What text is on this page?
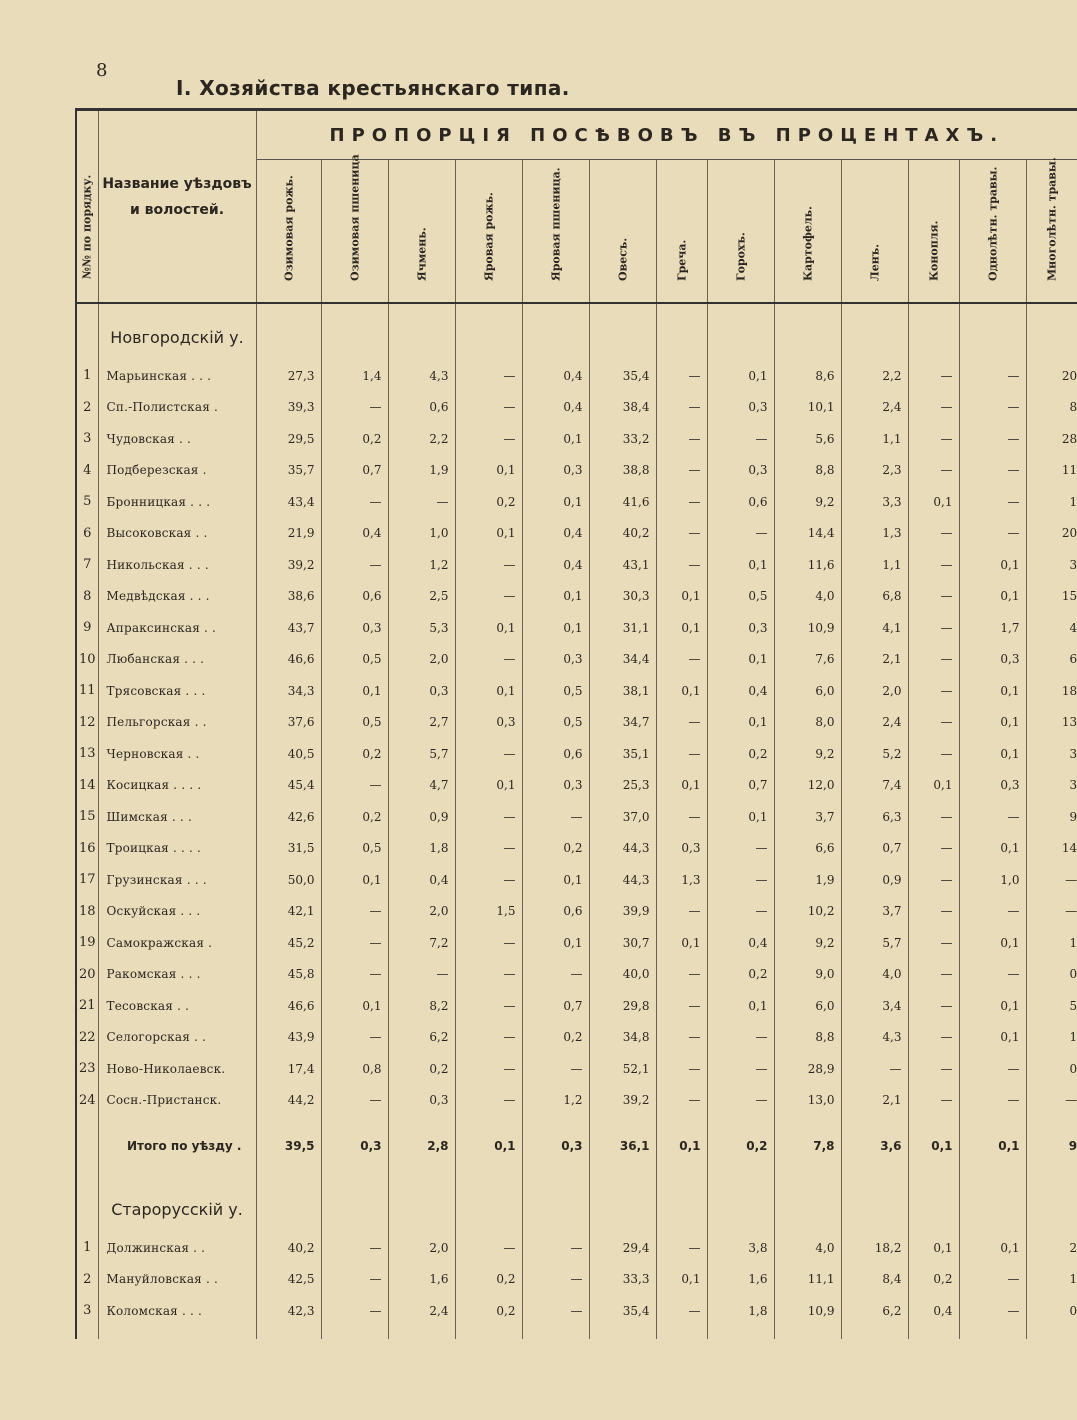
8
I. Хозяйства крестьянскаго типа.
№№ по порядку.	Название уѣздовъ
и волостей.	ПРОПОРЦІЯ ПОСѢВОВЪ ВЪ ПРОЦЕНТАХЪ.												

		Озимовая рожь.	Озимовая пшеница	Ячмень.	Яровая рожь.	Яровая пшеница.	Овесъ.	Греча.	Горохъ.	Картофель.	Ленъ.	Конопля.	Однолѣтн. травы.	Многолѣтн. травы.

	Новгородскій у.													
1	Марьинская . . .	27,3	1,4	4,3	—	0,4	35,4	—	0,1	8,6	2,2	—	—	20
2	Сп.-Полистская .	39,3	—	0,6	—	0,4	38,4	—	0,3	10,1	2,4	—	—	8
3	Чудовская . .	29,5	0,2	2,2	—	0,1	33,2	—	—	5,6	1,1	—	—	28
4	Подберезская .	35,7	0,7	1,9	0,1	0,3	38,8	—	0,3	8,8	2,3	—	—	11
5	Бронницкая . . .	43,4	—	—	0,2	0,1	41,6	—	0,6	9,2	3,3	0,1	—	1
6	Высоковская . .	21,9	0,4	1,0	0,1	0,4	40,2	—	—	14,4	1,3	—	—	20
7	Никольская . . .	39,2	—	1,2	—	0,4	43,1	—	0,1	11,6	1,1	—	0,1	3
8	Медвѣдская . . .	38,6	0,6	2,5	—	0,1	30,3	0,1	0,5	4,0	6,8	—	0,1	15
9	Апраксинская . .	43,7	0,3	5,3	0,1	0,1	31,1	0,1	0,3	10,9	4,1	—	1,7	4
10	Любанская . . .	46,6	0,5	2,0	—	0,3	34,4	—	0,1	7,6	2,1	—	0,3	6
11	Трясовская . . .	34,3	0,1	0,3	0,1	0,5	38,1	0,1	0,4	6,0	2,0	—	0,1	18
12	Пельгорская . .	37,6	0,5	2,7	0,3	0,5	34,7	—	0,1	8,0	2,4	—	0,1	13
13	Черновская . .	40,5	0,2	5,7	—	0,6	35,1	—	0,2	9,2	5,2	—	0,1	3
14	Косицкая . . . .	45,4	—	4,7	0,1	0,3	25,3	0,1	0,7	12,0	7,4	0,1	0,3	3
15	Шимская . . .	42,6	0,2	0,9	—	—	37,0	—	0,1	3,7	6,3	—	—	9
16	Троицкая . . . .	31,5	0,5	1,8	—	0,2	44,3	0,3	—	6,6	0,7	—	0,1	14
17	Грузинская . . .	50,0	0,1	0,4	—	0,1	44,3	1,3	—	1,9	0,9	—	1,0	—
18	Оскуйская . . .	42,1	—	2,0	1,5	0,6	39,9	—	—	10,2	3,7	—	—	—
19	Самокражская .	45,2	—	7,2	—	0,1	30,7	0,1	0,4	9,2	5,7	—	0,1	1
20	Ракомская . . .	45,8	—	—	—	—	40,0	—	0,2	9,0	4,0	—	—	0
21	Тесовская . .	46,6	0,1	8,2	—	0,7	29,8	—	0,1	6,0	3,4	—	0,1	5
22	Селогорская . .	43,9	—	6,2	—	0,2	34,8	—	—	8,8	4,3	—	0,1	1
23	Ново-Николаевск.	17,4	0,8	0,2	—	—	52,1	—	—	28,9	—	—	—	0
24	Сосн.-Пристанск.	44,2	—	0,3	—	1,2	39,2	—	—	13,0	2,1	—	—	—
	Итого по уѣзду .	39,5	0,3	2,8	0,1	0,3	36,1	0,1	0,2	7,8	3,6	0,1	0,1	9
	Старорусскій у.													
1	Должинская . .	40,2	—	2,0	—	—	29,4	—	3,8	4,0	18,2	0,1	0,1	2
2	Мануйловская . .	42,5	—	1,6	0,2	—	33,3	0,1	1,6	11,1	8,4	0,2	—	1
3	Коломская . . .	42,3	—	2,4	0,2	—	35,4	—	1,8	10,9	6,2	0,4	—	0
